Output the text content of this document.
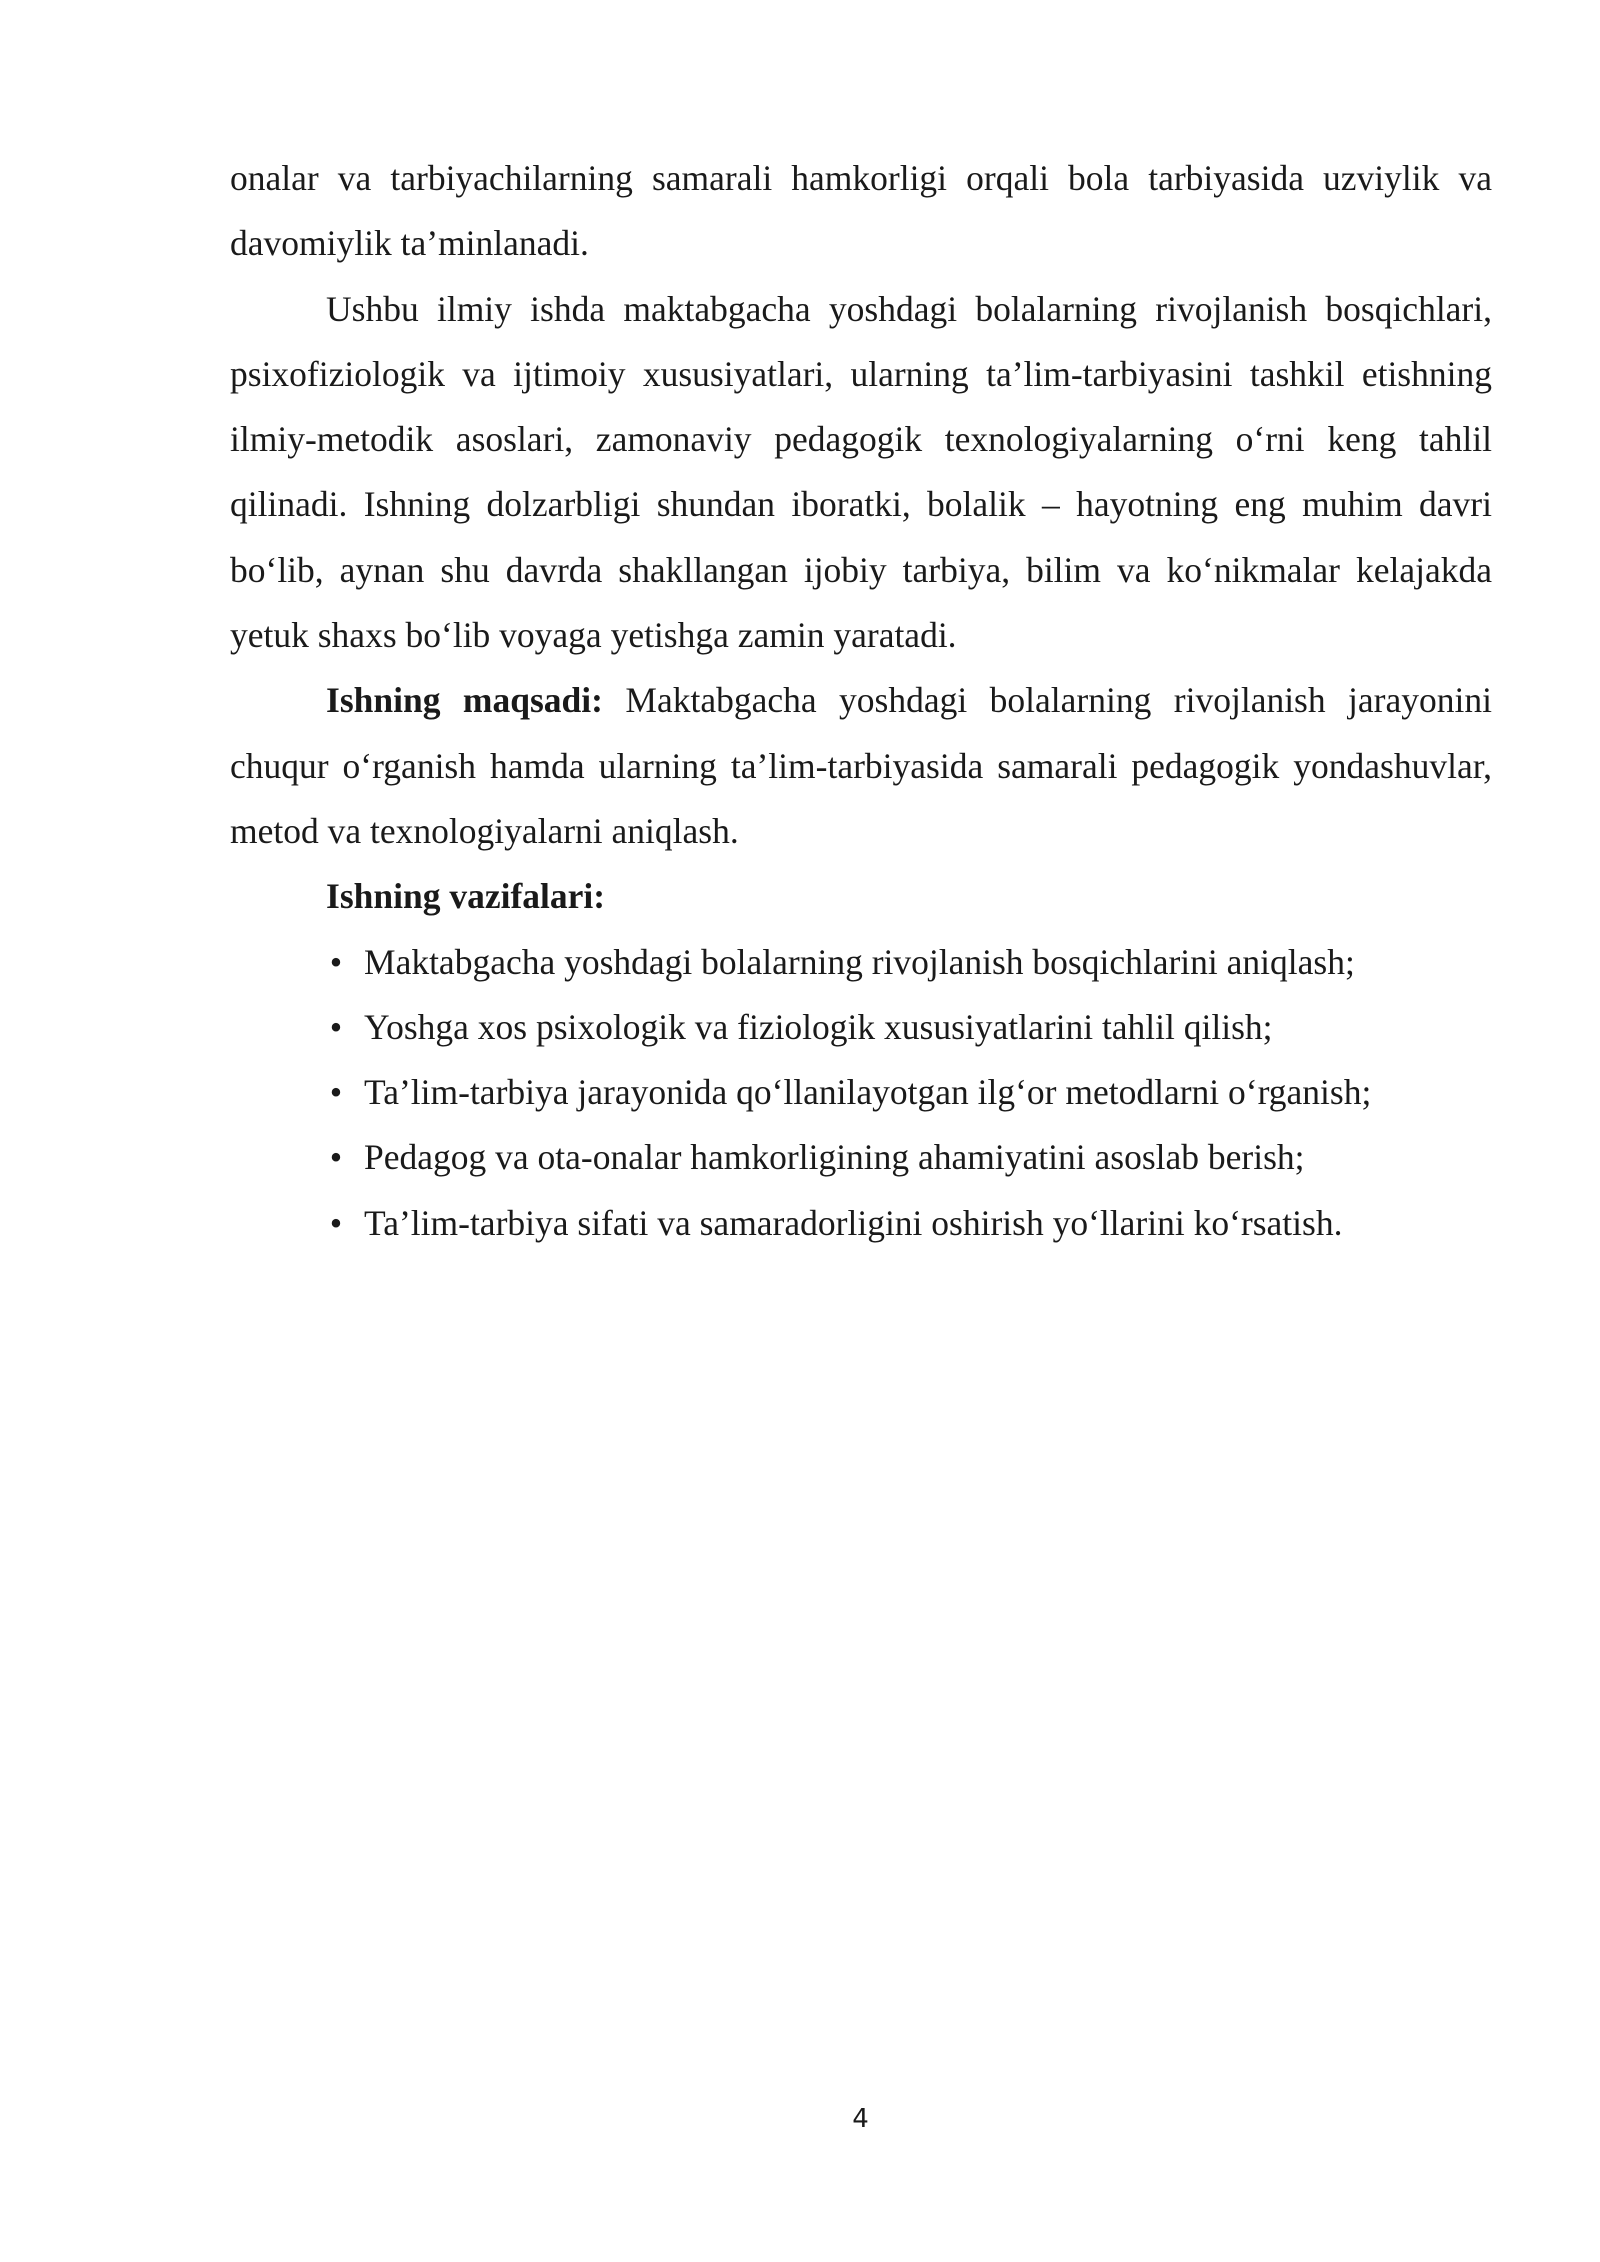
onalar va tarbiyachilarning samarali hamkorligi orqali bola tarbiyasida uzviylik va davomiylik ta’minlanadi.

Ushbu ilmiy ishda maktabgacha yoshdagi bolalarning rivojlanish bosqichlari, psixofiziologik va ijtimoiy xususiyatlari, ularning ta’lim-tarbiyasini tashkil etishning ilmiy-metodik asoslari, zamonaviy pedagogik texnologiyalarning o‘rni keng tahlil qilinadi. Ishning dolzarbligi shundan iboratki, bolalik – hayotning eng muhim davri bo‘lib, aynan shu davrda shakllangan ijobiy tarbiya, bilim va ko‘nikmalar kelajakda yetuk shaxs bo‘lib voyaga yetishga zamin yaratadi.

Ishning maqsadi: Maktabgacha yoshdagi bolalarning rivojlanish jarayonini chuqur o‘rganish hamda ularning ta’lim-tarbiyasida samarali pedagogik yondashuvlar, metod va texnologiyalarni aniqlash.

Ishning vazifalari:

• Maktabgacha yoshdagi bolalarning rivojlanish bosqichlarini aniqlash;
• Yoshga xos psixologik va fiziologik xususiyatlarini tahlil qilish;
• Ta’lim-tarbiya jarayonida qo‘llanilayotgan ilg‘or metodlarni o‘rganish;
• Pedagog va ota-onalar hamkorligining ahamiyatini asoslab berish;
• Ta’lim-tarbiya sifati va samaradorligini oshirish yo‘llarini ko‘rsatish.
4
